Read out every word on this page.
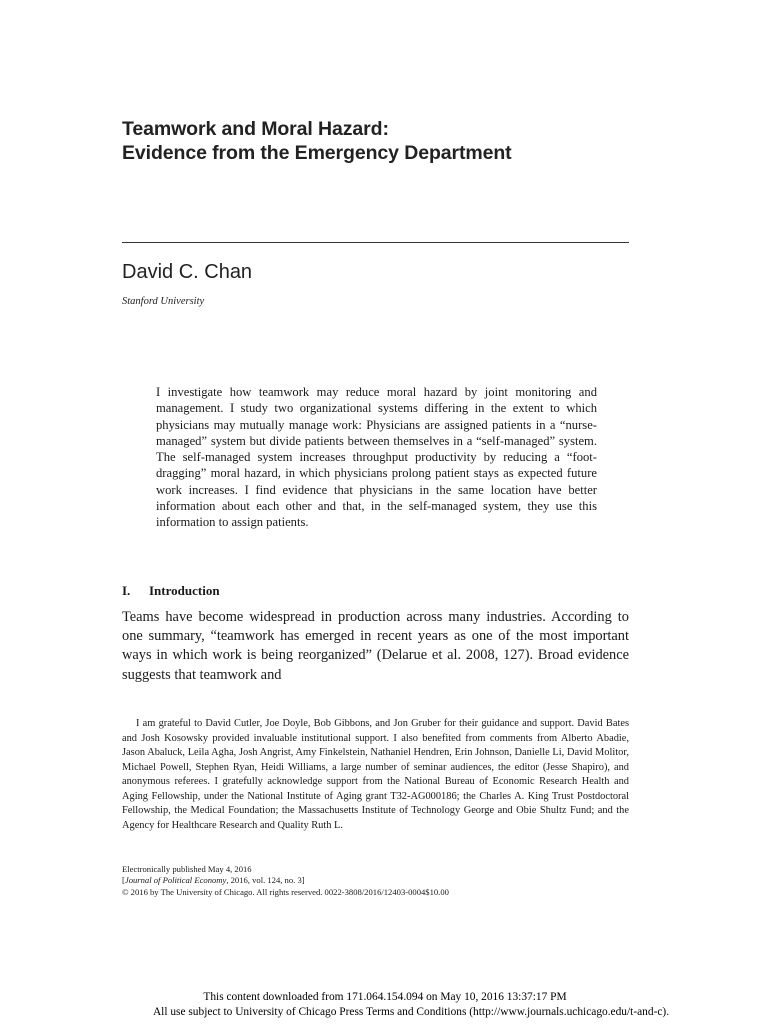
Teamwork and Moral Hazard:
Evidence from the Emergency Department
David C. Chan
Stanford University

I investigate how teamwork may reduce moral hazard by joint monitoring and management. I study two organizational systems differing in the extent to which physicians may mutually manage work: Physicians are assigned patients in a “nurse-managed” system but divide patients between themselves in a “self-managed” system. The self-managed system increases throughput productivity by reducing a “foot-dragging” moral hazard, in which physicians prolong patient stays as expected future work increases. I find evidence that physicians in the same location have better information about each other and that, in the self-managed system, they use this information to assign patients.

I. Introduction

Teams have become widespread in production across many industries. According to one summary, “teamwork has emerged in recent years as one of the most important ways in which work is being reorganized” (Delarue et al. 2008, 127). Broad evidence suggests that teamwork and

I am grateful to David Cutler, Joe Doyle, Bob Gibbons, and Jon Gruber for their guidance and support. David Bates and Josh Kosowsky provided invaluable institutional support. I also benefited from comments from Alberto Abadie, Jason Abaluck, Leila Agha, Josh Angrist, Amy Finkelstein, Nathaniel Hendren, Erin Johnson, Danielle Li, David Molitor, Michael Powell, Stephen Ryan, Heidi Williams, a large number of seminar audiences, the editor (Jesse Shapiro), and anonymous referees. I gratefully acknowledge support from the National Bureau of Economic Research Health and Aging Fellowship, under the National Institute of Aging grant T32-AG000186; the Charles A. King Trust Postdoctoral Fellowship, the Medical Foundation; the Massachusetts Institute of Technology George and Obie Shultz Fund; and the Agency for Healthcare Research and Quality Ruth L.

Electronically published May 4, 2016
[Journal of Political Economy, 2016, vol. 124, no. 3]
© 2016 by The University of Chicago. All rights reserved. 0022-3808/2016/12403-0004$10.00
This content downloaded from 171.064.154.094 on May 10, 2016 13:37:17 PM
All use subject to University of Chicago Press Terms and Conditions (http://www.journals.uchicago.edu/t-and-c).
